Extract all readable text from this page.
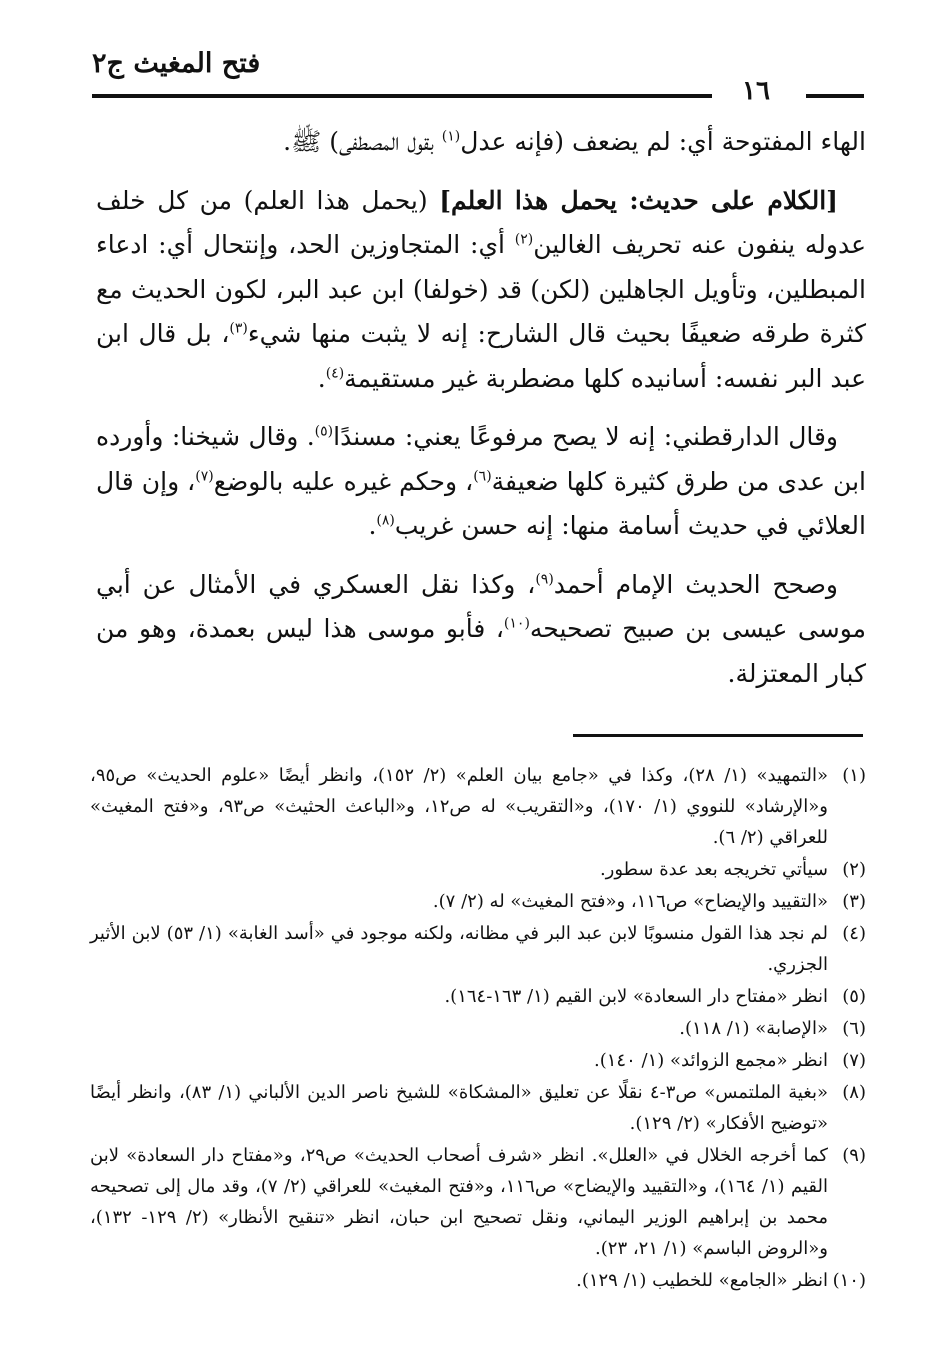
فتح المغيث ج٢
١٦

الهاء المفتوحة أي: لم يضعف (فإنه عدل$^{(١)}$ بقول المصطفى) ﷺ.

[الكلام على حديث: يحمل هذا العلم] (يحمل هذا العلم) من كل خلف عدوله ينفون عنه تحريف الغالين$^{(٢)}$ أي: المتجاوزين الحد، وإنتحال أي: ادعاء المبطلين، وتأويل الجاهلين (لكن) قد (خولفا) ابن عبد البر، لكون الحديث مع كثرة طرقه ضعيفًا بحيث قال الشارح: إنه لا يثبت منها شيء$^{(٣)}$، بل قال ابن عبد البر نفسه: أسانيده كلها مضطربة غير مستقيمة$^{(٤)}$.

وقال الدارقطني: إنه لا يصح مرفوعًا يعني: مسندًا$^{(٥)}$. وقال شيخنا: وأورده ابن عدى من طرق كثيرة كلها ضعيفة$^{(٦)}$، وحكم غيره عليه بالوضع$^{(٧)}$، وإن قال العلائي في حديث أسامة منها: إنه حسن غريب$^{(٨)}$.

وصحح الحديث الإمام أحمد$^{(٩)}$، وكذا نقل العسكري في الأمثال عن أبي موسى عيسى بن صبيح تصحيحه$^{(١٠)}$، فأبو موسى هذا ليس بعمدة، وهو من كبار المعتزلة.

(١)
«التمهيد» (١/ ٢٨)، وكذا في «جامع بيان العلم» (٢/ ١٥٢)، وانظر أيضًا «علوم الحديث» ص٩٥، و«الإرشاد» للنووي (١/ ١٧٠)، و«التقريب» له ص١٢، و«الباعث الحثيث» ص٩٣، و«فتح المغيث» للعراقي (٢/ ٦).
(٢)
سيأتي تخريجه بعد عدة سطور.
(٣)
«التقييد والإيضاح» ص١١٦، و«فتح المغيث» له (٢/ ٧).
(٤)
لم نجد هذا القول منسوبًا لابن عبد البر في مظانه، ولكنه موجود في «أسد الغابة» (١/ ٥٣) لابن الأثير الجزري.
(٥)
انظر «مفتاح دار السعادة» لابن القيم (١/ ١٦٣-١٦٤).
(٦)
«الإصابة» (١/ ١١٨).
(٧)
انظر «مجمع الزوائد» (١/ ١٤٠).
(٨)
«بغية الملتمس» ص٣-٤ نقلًا عن تعليق «المشكاة» للشيخ ناصر الدين الألباني (١/ ٨٣)، وانظر أيضًا «توضيح الأفكار» (٢/ ١٢٩).
(٩)
كما أخرجه الخلال في «العلل». انظر «شرف أصحاب الحديث» ص٢٩، و«مفتاح دار السعادة» لابن القيم (١/ ١٦٤)، و«التقييد والإيضاح» ص١١٦، و«فتح المغيث» للعراقي (٢/ ٧)، وقد مال إلى تصحيحه محمد بن إبراهيم الوزير اليماني، ونقل تصحيح ابن حبان، انظر «تنقيح الأنظار» (٢/ ١٢٩- ١٣٢)، و«الروض الباسم» (١/ ٢١، ٢٣).
(١٠)
انظر «الجامع» للخطيب (١/ ١٢٩).
